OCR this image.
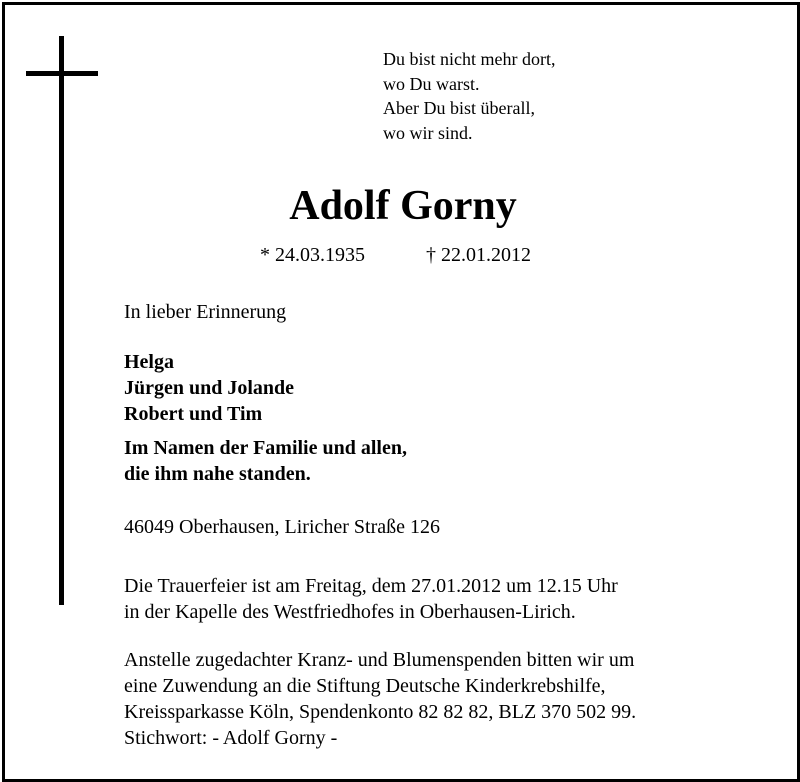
Du bist nicht mehr dort,
wo Du warst.
Aber Du bist überall,
wo wir sind.
Adolf Gorny
* 24.03.1935	† 22.01.2012
In lieber Erinnerung
Helga
Jürgen und Jolande
Robert und Tim
Im Namen der Familie und allen,
die ihm nahe standen.
46049 Oberhausen, Liricher Straße 126
Die Trauerfeier ist am Freitag, dem 27.01.2012 um 12.15 Uhr
in der Kapelle des Westfriedhofes in Oberhausen-Lirich.
Anstelle zugedachter Kranz- und Blumenspenden bitten wir um
eine Zuwendung an die Stiftung Deutsche Kinderkrebshilfe,
Kreissparkasse Köln, Spendenkonto 82 82 82, BLZ 370 502 99.
Stichwort: - Adolf Gorny -
